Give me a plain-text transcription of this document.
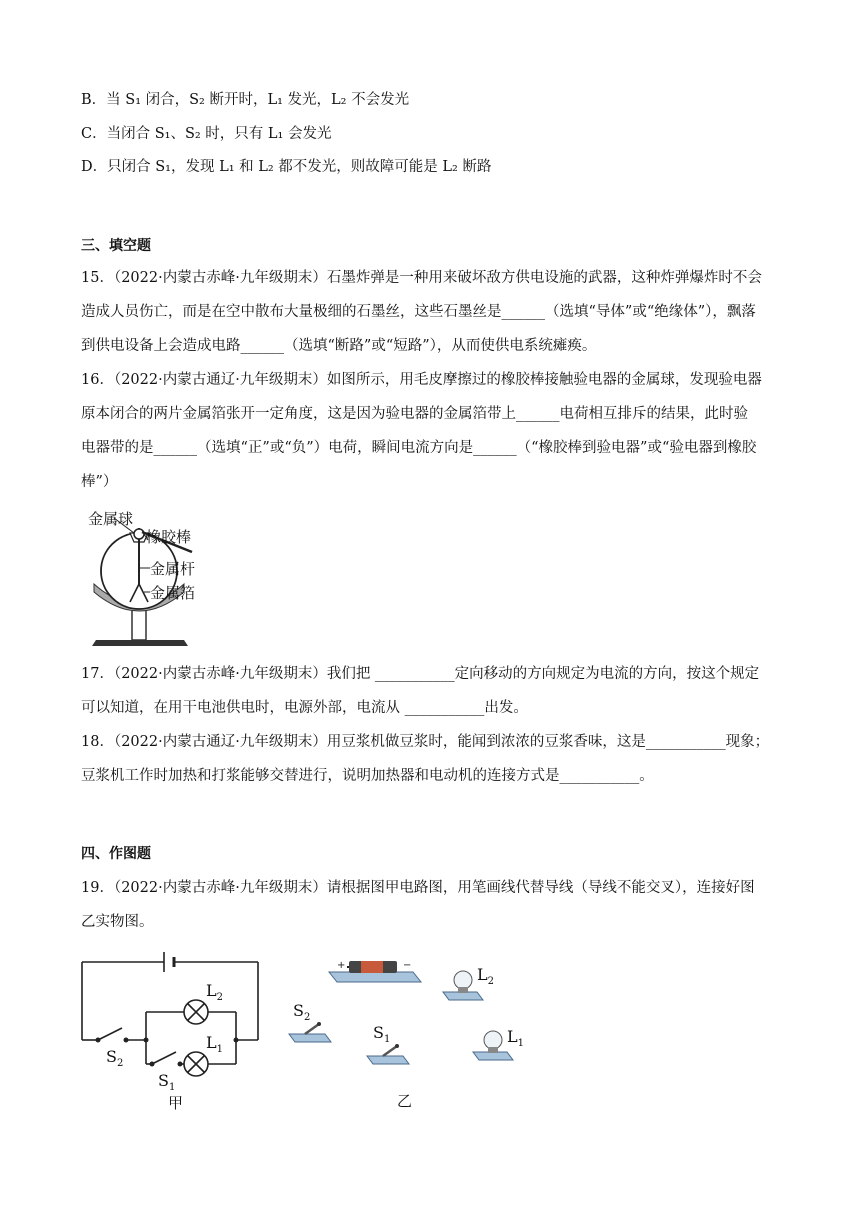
B．当 S₁ 闭合，S₂ 断开时，L₁ 发光，L₂ 不会发光
C．当闭合 S₁、S₂ 时，只有 L₁ 会发光
D．只闭合 S₁，发现 L₁ 和 L₂ 都不发光，则故障可能是 L₂ 断路
三、填空题
15．（2022·内蒙古赤峰·九年级期末）石墨炸弹是一种用来破坏敌方供电设施的武器，这种炸弹爆炸时不会
造成人员伤亡，而是在空中散布大量极细的石墨丝，这些石墨丝是______（选填“导体”或“绝缘体”），飘落
到供电设备上会造成电路______（选填“断路”或“短路”），从而使供电系统瘫痪。
16．（2022·内蒙古通辽·九年级期末）如图所示，用毛皮摩擦过的橡胶棒接触验电器的金属球，发现验电器
原本闭合的两片金属箔张开一定角度，这是因为验电器的金属箔带上______电荷相互排斥的结果，此时验
电器带的是______（选填“正”或“负”）电荷，瞬间电流方向是______（“橡胶棒到验电器”或“验电器到橡胶
棒”）
金属球
橡胶棒
金属杆
金属箔
17．（2022·内蒙古赤峰·九年级期末）我们把 ___________定向移动的方向规定为电流的方向，按这个规定
可以知道，在用干电池供电时，电源外部，电流从 ___________出发。
18．（2022·内蒙古通辽·九年级期末）用豆浆机做豆浆时，能闻到浓浓的豆浆香味，这是___________现象；
豆浆机工作时加热和打浆能够交替进行，说明加热器和电动机的连接方式是___________。
四、作图题
19．（2022·内蒙古赤峰·九年级期末）请根据图甲电路图，用笔画线代替导线（导线不能交叉），连接好图
乙实物图。
$L_2$
$L_1$
$S_2$
$S_1$
甲
+	−	$L_2$
$S_2$
$S_1$	$L_1$
乙
